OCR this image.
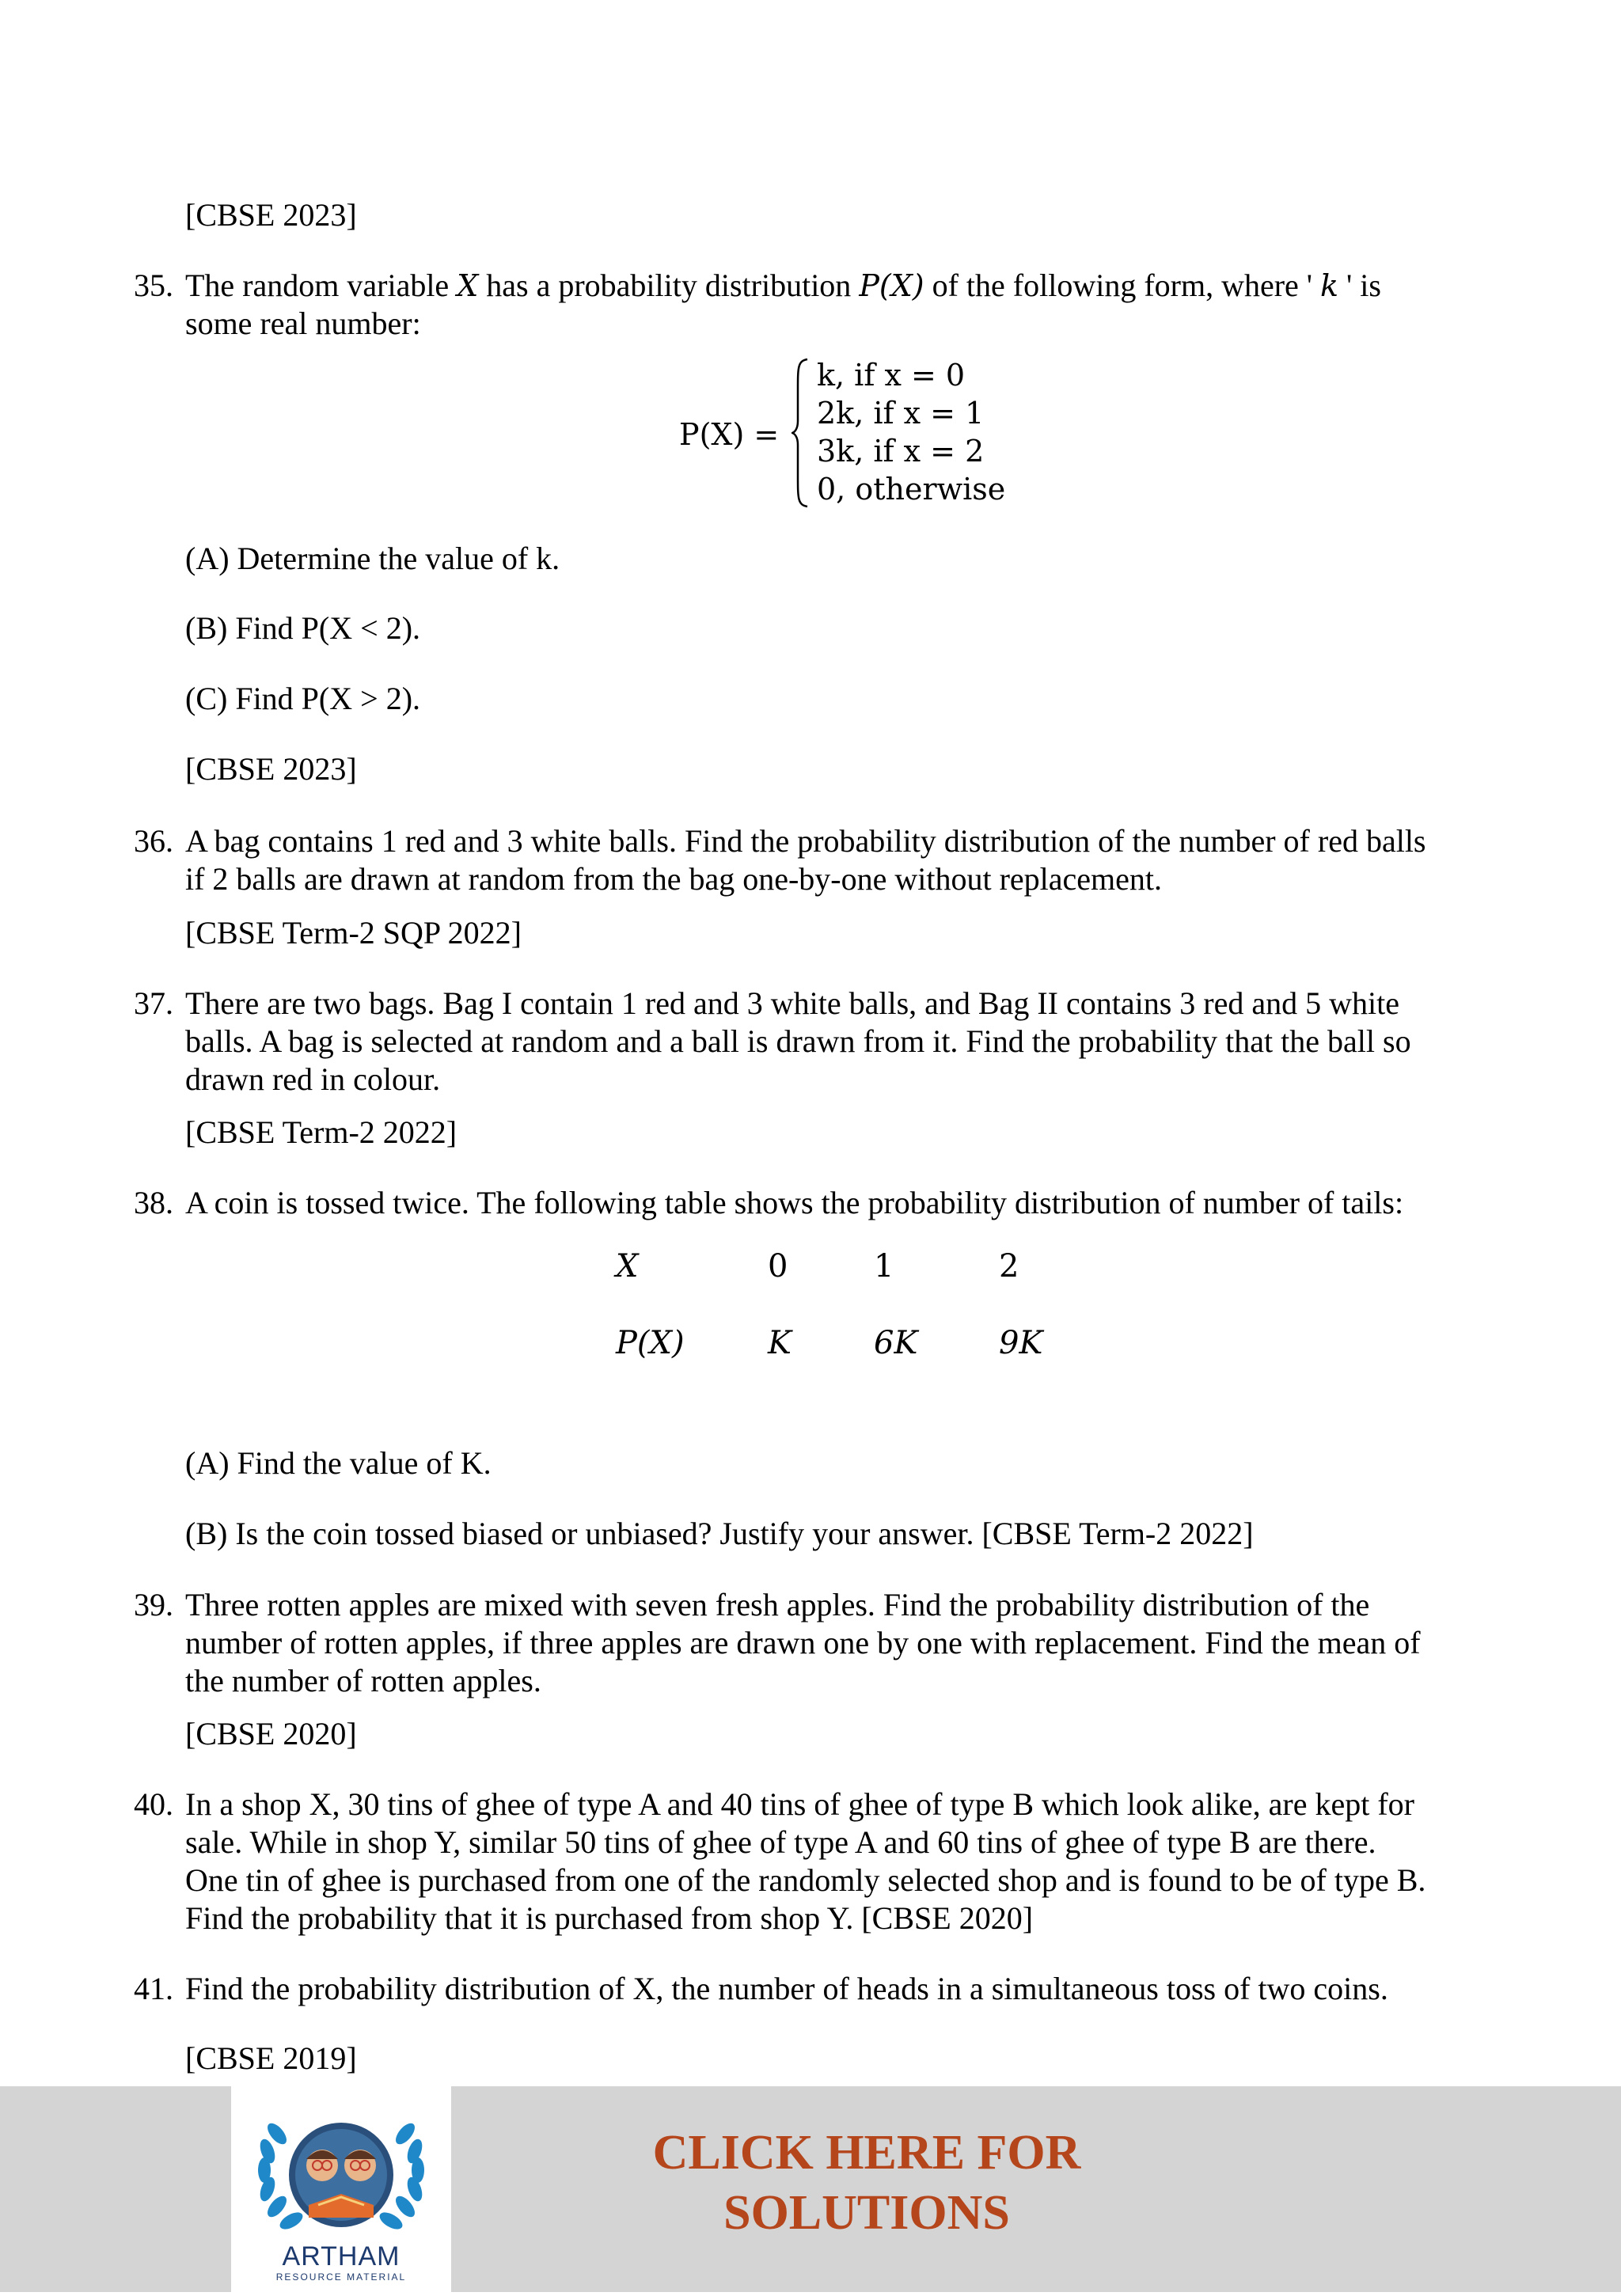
[CBSE 2023]
35. The random variable X has a probability distribution P(X) of the following form, where ' k ' is
some real number:
P(X) =
k, if x = 0
2k, if x = 1
3k, if x = 2
0, otherwise
(A) Determine the value of k.
(B) Find P(X < 2).
(C) Find P(X > 2).
[CBSE 2023]
36. A bag contains 1 red and 3 white balls. Find the probability distribution of the number of red balls
if 2 balls are drawn at random from the bag one-by-one without replacement.
[CBSE Term-2 SQP 2022]
37. There are two bags. Bag I contain 1 red and 3 white balls, and Bag II contains 3 red and 5 white
balls. A bag is selected at random and a ball is drawn from it. Find the probability that the ball so
drawn red in colour.
[CBSE Term-2 2022]
38. A coin is tossed twice. The following table shows the probability distribution of number of tails:
X	0	1	2
P(X)	K	6K	9K
(A) Find the value of K.
(B) Is the coin tossed biased or unbiased? Justify your answer. [CBSE Term-2 2022]
39. Three rotten apples are mixed with seven fresh apples. Find the probability distribution of the
number of rotten apples, if three apples are drawn one by one with replacement. Find the mean of
the number of rotten apples.
[CBSE 2020]
40. In a shop X, 30 tins of ghee of type A and 40 tins of ghee of type B which look alike, are kept for
sale. While in shop Y, similar 50 tins of ghee of type A and 60 tins of ghee of type B are there.
One tin of ghee is purchased from one of the randomly selected shop and is found to be of type B.
Find the probability that it is purchased from shop Y. [CBSE 2020]
41. Find the probability distribution of X, the number of heads in a simultaneous toss of two coins.
[CBSE 2019]
ARTHAM
RESOURCE MATERIAL
CLICK HERE FOR
SOLUTIONS
